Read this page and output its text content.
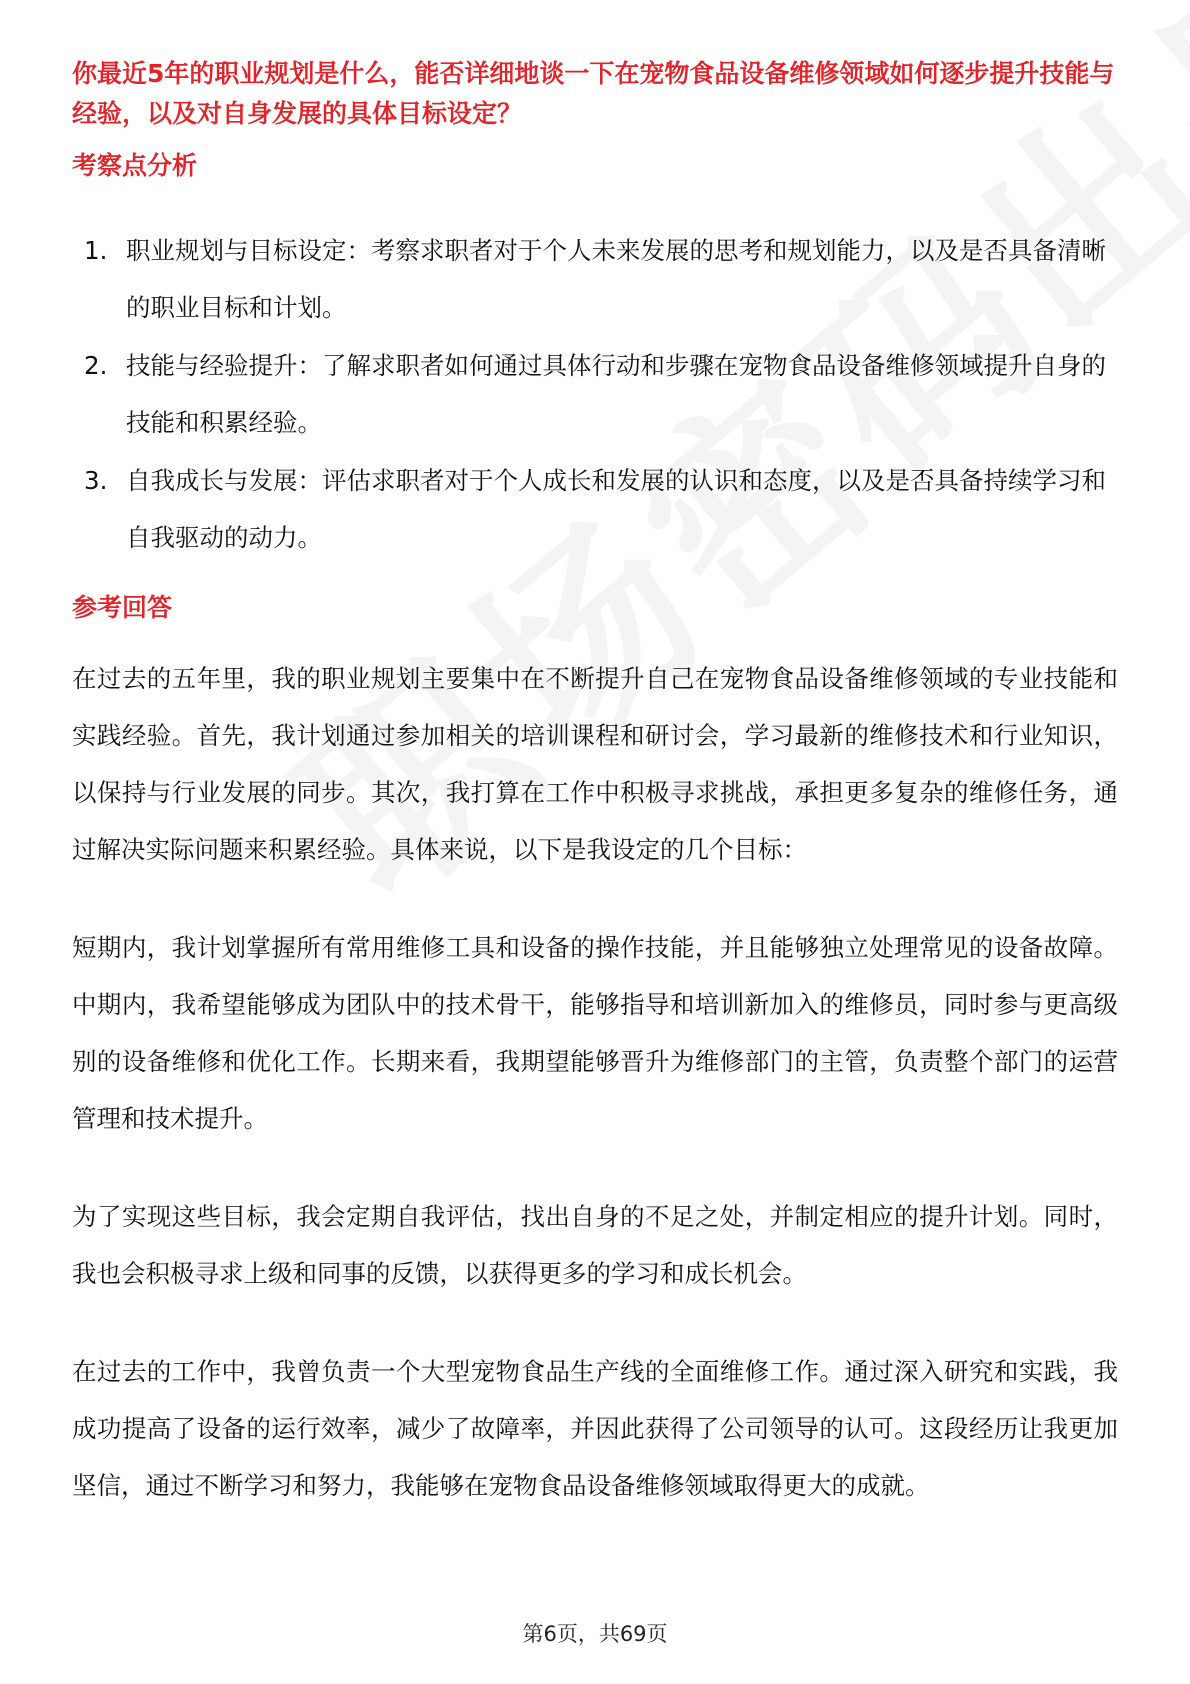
你最近5年的职业规划是什么，能否详细地谈一下在宠物食品设备维修领域如何逐步提升技能与经验，以及对自身发展的具体目标设定？

考察点分析
1. 职业规划与目标设定：考察求职者对于个人未来发展的思考和规划能力，以及是否具备清晰的职业目标和计划。
2. 技能与经验提升：了解求职者如何通过具体行动和步骤在宠物食品设备维修领域提升自身的技能和积累经验。
3. 自我成长与发展：评估求职者对于个人成长和发展的认识和态度，以及是否具备持续学习和自我驱动的动力。
参考回答

在过去的五年里，我的职业规划主要集中在不断提升自己在宠物食品设备维修领域的专业技能和实践经验。首先，我计划通过参加相关的培训课程和研讨会，学习最新的维修技术和行业知识，以保持与行业发展的同步。其次，我打算在工作中积极寻求挑战，承担更多复杂的维修任务，通过解决实际问题来积累经验。具体来说，以下是我设定的几个目标：

短期内，我计划掌握所有常用维修工具和设备的操作技能，并且能够独立处理常见的设备故障。中期内，我希望能够成为团队中的技术骨干，能够指导和培训新加入的维修员，同时参与更高级别的设备维修和优化工作。长期来看，我期望能够晋升为维修部门的主管，负责整个部门的运营管理和技术提升。

为了实现这些目标，我会定期自我评估，找出自身的不足之处，并制定相应的提升计划。同时，我也会积极寻求上级和同事的反馈，以获得更多的学习和成长机会。

在过去的工作中，我曾负责一个大型宠物食品生产线的全面维修工作。通过深入研究和实践，我成功提高了设备的运行效率，减少了故障率，并因此获得了公司领导的认可。这段经历让我更加坚信，通过不断学习和努力，我能够在宠物食品设备维修领域取得更大的成就。

第6页，共69页
